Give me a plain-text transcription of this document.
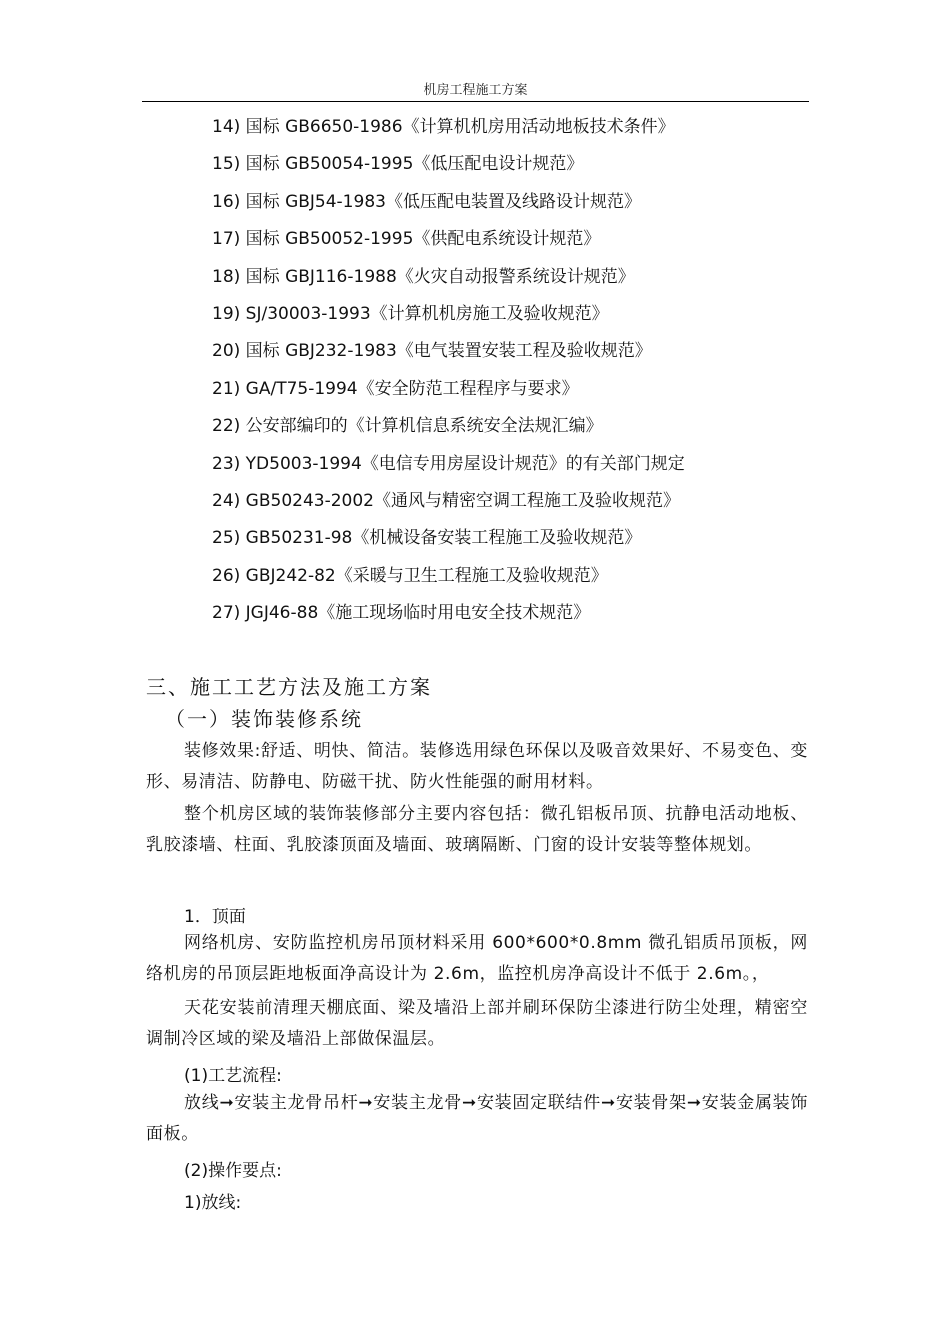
机房工程施工方案
14) 国标 GB6650-1986《计算机机房用活动地板技术条件》
15) 国标 GB50054-1995《低压配电设计规范》
16) 国标 GBJ54-1983《低压配电装置及线路设计规范》
17) 国标 GB50052-1995《供配电系统设计规范》
18) 国标 GBJ116-1988《火灾自动报警系统设计规范》
19) SJ/30003-1993《计算机机房施工及验收规范》
20) 国标 GBJ232-1983《电气装置安装工程及验收规范》
21) GA/T75-1994《安全防范工程程序与要求》
22) 公安部编印的《计算机信息系统安全法规汇编》
23) YD5003-1994《电信专用房屋设计规范》的有关部门规定
24) GB50243-2002《通风与精密空调工程施工及验收规范》
25) GB50231-98《机械设备安装工程施工及验收规范》
26) GBJ242-82《采暖与卫生工程施工及验收规范》
27) JGJ46-88《施工现场临时用电安全技术规范》
三、施工工艺方法及施工方案
（一）装饰装修系统
装修效果:舒适、明快、简洁。装修选用绿色环保以及吸音效果好、不易变色、变形、易清洁、防静电、防磁干扰、防火性能强的耐用材料。
整个机房区域的装饰装修部分主要内容包括：微孔铝板吊顶、抗静电活动地板、乳胶漆墙、柱面、乳胶漆顶面及墙面、玻璃隔断、门窗的设计安装等整体规划。
1．顶面
网络机房、安防监控机房吊顶材料采用 600*600*0.8mm 微孔铝质吊顶板，网络机房的吊顶层距地板面净高设计为 2.6m，监控机房净高设计不低于 2.6m。，
天花安装前清理天棚底面、梁及墙沿上部并刷环保防尘漆进行防尘处理，精密空调制冷区域的梁及墙沿上部做保温层。
(1)工艺流程:
放线➞安装主龙骨吊杆➞安装主龙骨➞安装固定联结件➞安装骨架➞安装金属装饰面板。
(2)操作要点:
1)放线:
